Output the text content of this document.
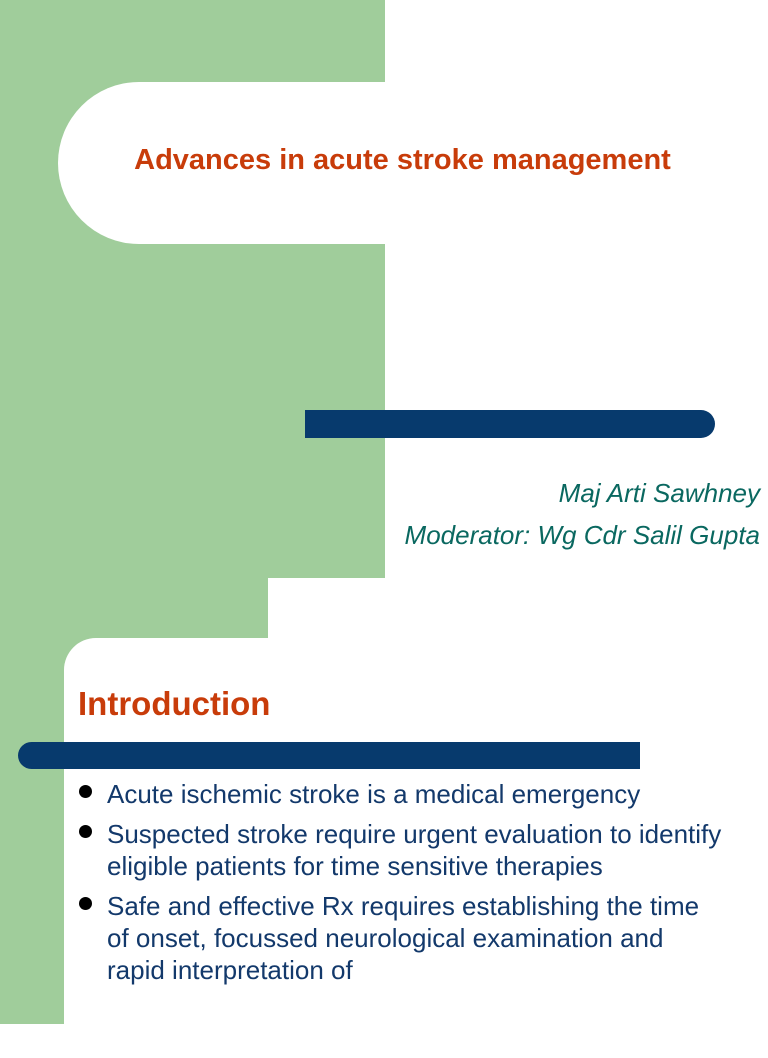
Advances in acute stroke management

Maj Arti Sawhney

Moderator: Wg Cdr Salil Gupta

Introduction
Acute ischemic stroke is a medical emergency
Suspected stroke require urgent evaluation to identify eligible patients for time sensitive therapies
Safe and effective Rx requires establishing the time of onset, focussed neurological examination and rapid interpretation of
